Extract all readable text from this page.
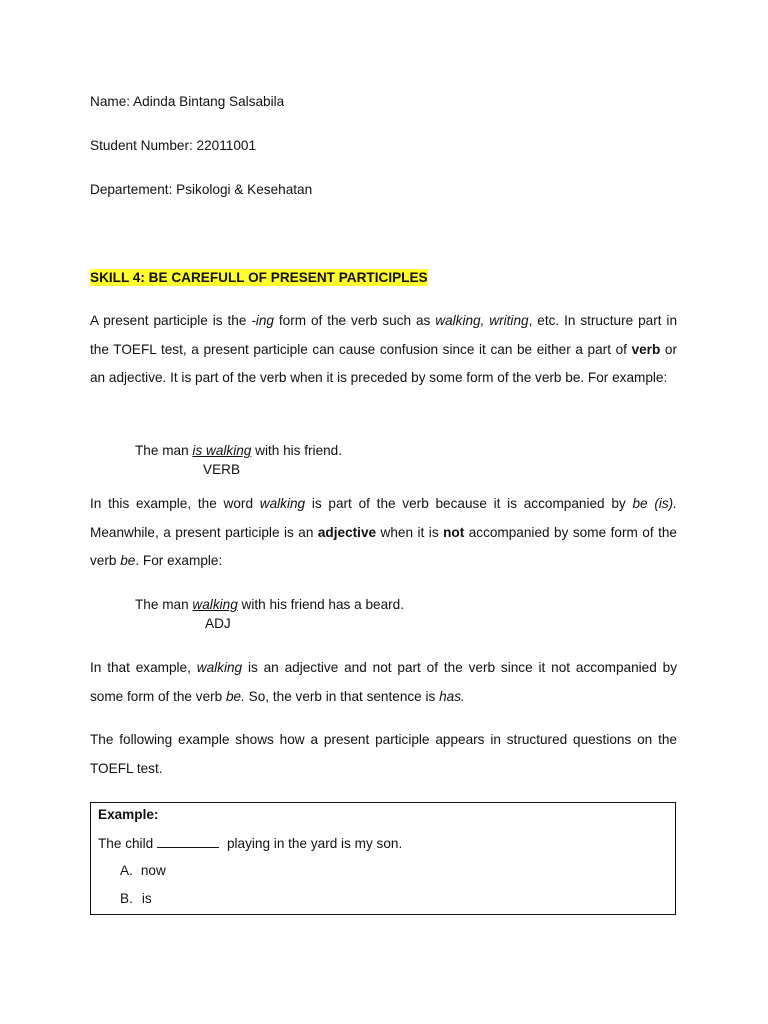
Name: Adinda Bintang Salsabila
Student Number: 22011001
Departement: Psikologi & Kesehatan
SKILL 4: BE CAREFULL OF PRESENT PARTICIPLES
A present participle is the -ing form of the verb such as walking, writing, etc. In structure part in the TOEFL test, a present participle can cause confusion since it can be either a part of verb or an adjective. It is part of the verb when it is preceded by some form of the verb be. For example:
The man is walking with his friend.
VERB
In this example, the word walking is part of the verb because it is accompanied by be (is). Meanwhile, a present participle is an adjective when it is not accompanied by some form of the verb be. For example:
The man walking with his friend has a beard.
ADJ
In that example, walking is an adjective and not part of the verb since it not accompanied by some form of the verb be. So, the verb in that sentence is has.
The following example shows how a present participle appears in structured questions on the TOEFL test.
Example:
The child	playing in the yard is my son.
A. now
B. is
